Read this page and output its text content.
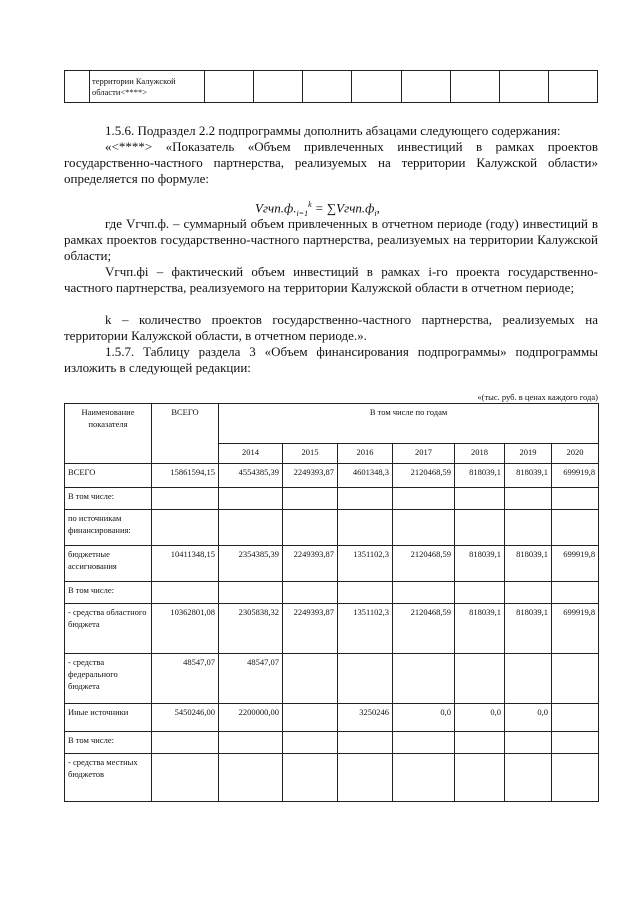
	территории Калужской области<****>								

1.5.6. Подраздел 2.2 подпрограммы дополнить абзацами следующего содержания:

«<****> «Показатель «Объем привлеченных инвестиций в рамках проектов государственно-частного партнерства, реализуемых на территории Калужской области» определяется по формуле:

$Vгчп.ф._{i=1}^k$ = $\sum Vгчп.ф_i$,

где Vгчп.ф. – суммарный объем привлеченных в отчетном периоде (году) инвестиций в рамках проектов государственно-частного партнерства, реализуемых на территории Калужской области;

Vгчп.фi – фактический объем инвестиций в рамках i-го проекта государственно-частного партнерства, реализуемого на территории Калужской области в отчетном периоде;

k – количество проектов государственно-частного партнерства, реализуемых на территории Калужской области, в отчетном периоде.».

1.5.7. Таблицу раздела 3 «Объем финансирования подпрограммы» подпрограммы изложить в следующей редакции:

«(тыс. руб. в ценах каждого года)
Наименование показателя	ВСЕГО	В том числе по годам						
		2014	2015	2016	2017	2018	2019	2020
ВСЕГО	15861594,15	4554385,39	2249393,87	4601348,3	2120468,59	818039,1	818039,1	699919,8
В том числе:								
по источникам финансирования:								
бюджетные ассигнования	10411348,15	2354385,39	2249393,87	1351102,3	2120468,59	818039,1	818039,1	699919,8
В том числе:								
- средства областного бюджета	10362801,08	2305838,32	2249393,87	1351102,3	2120468,59	818039,1	818039,1	699919,8
- средства федерального бюджета	48547,07	48547,07						
Иные источники	5450246,00	2200000,00		3250246	0,0	0,0	0,0	
В том числе:								
- средства местных бюджетов								
